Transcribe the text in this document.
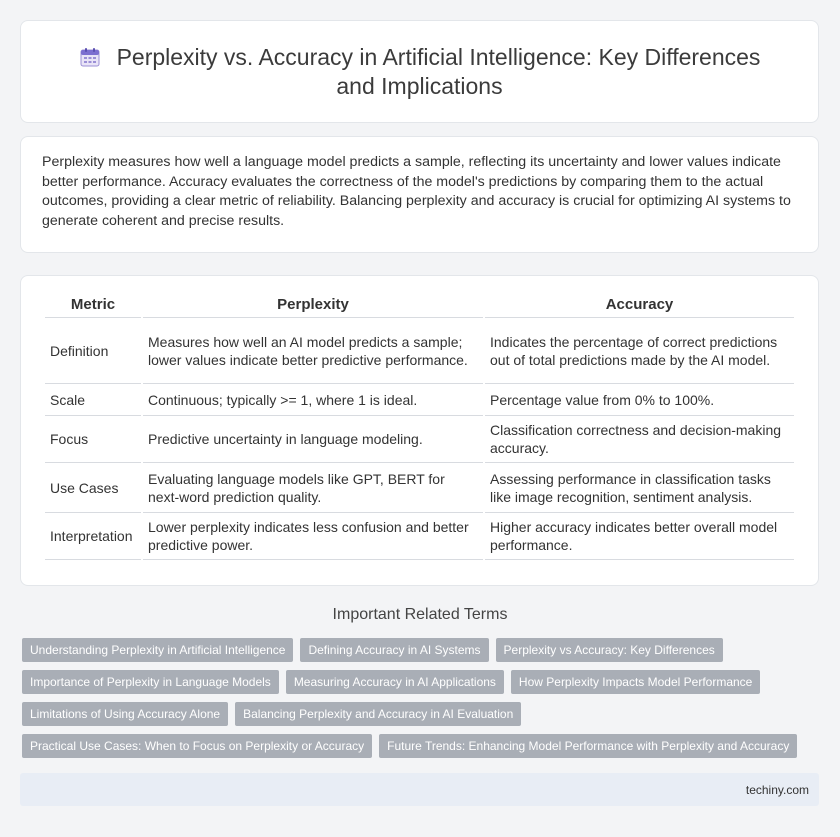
Perplexity vs. Accuracy in Artificial Intelligence: Key Differences and Implications

Perplexity measures how well a language model predicts a sample, reflecting its uncertainty and lower values indicate better performance. Accuracy evaluates the correctness of the model's predictions by comparing them to the actual outcomes, providing a clear metric of reliability. Balancing perplexity and accuracy is crucial for optimizing AI systems to generate coherent and precise results.

Metric	Perplexity	Accuracy
Definition	Measures how well an AI model predicts a sample; lower values indicate better predictive performance.	Indicates the percentage of correct predictions out of total predictions made by the AI model.
Scale	Continuous; typically >= 1, where 1 is ideal.	Percentage value from 0% to 100%.
Focus	Predictive uncertainty in language modeling.	Classification correctness and decision-making accuracy.
Use Cases	Evaluating language models like GPT, BERT for next-word prediction quality.	Assessing performance in classification tasks like image recognition, sentiment analysis.
Interpretation	Lower perplexity indicates less confusion and better predictive power.	Higher accuracy indicates better overall model performance.
Important Related Terms
Understanding Perplexity in Artificial Intelligence	Defining Accuracy in AI Systems	Perplexity vs Accuracy: Key Differences
Importance of Perplexity in Language Models	Measuring Accuracy in AI Applications	How Perplexity Impacts Model Performance
Limitations of Using Accuracy Alone	Balancing Perplexity and Accuracy in AI Evaluation
Practical Use Cases: When to Focus on Perplexity or Accuracy	Future Trends: Enhancing Model Performance with Perplexity and Accuracy
techiny.com
